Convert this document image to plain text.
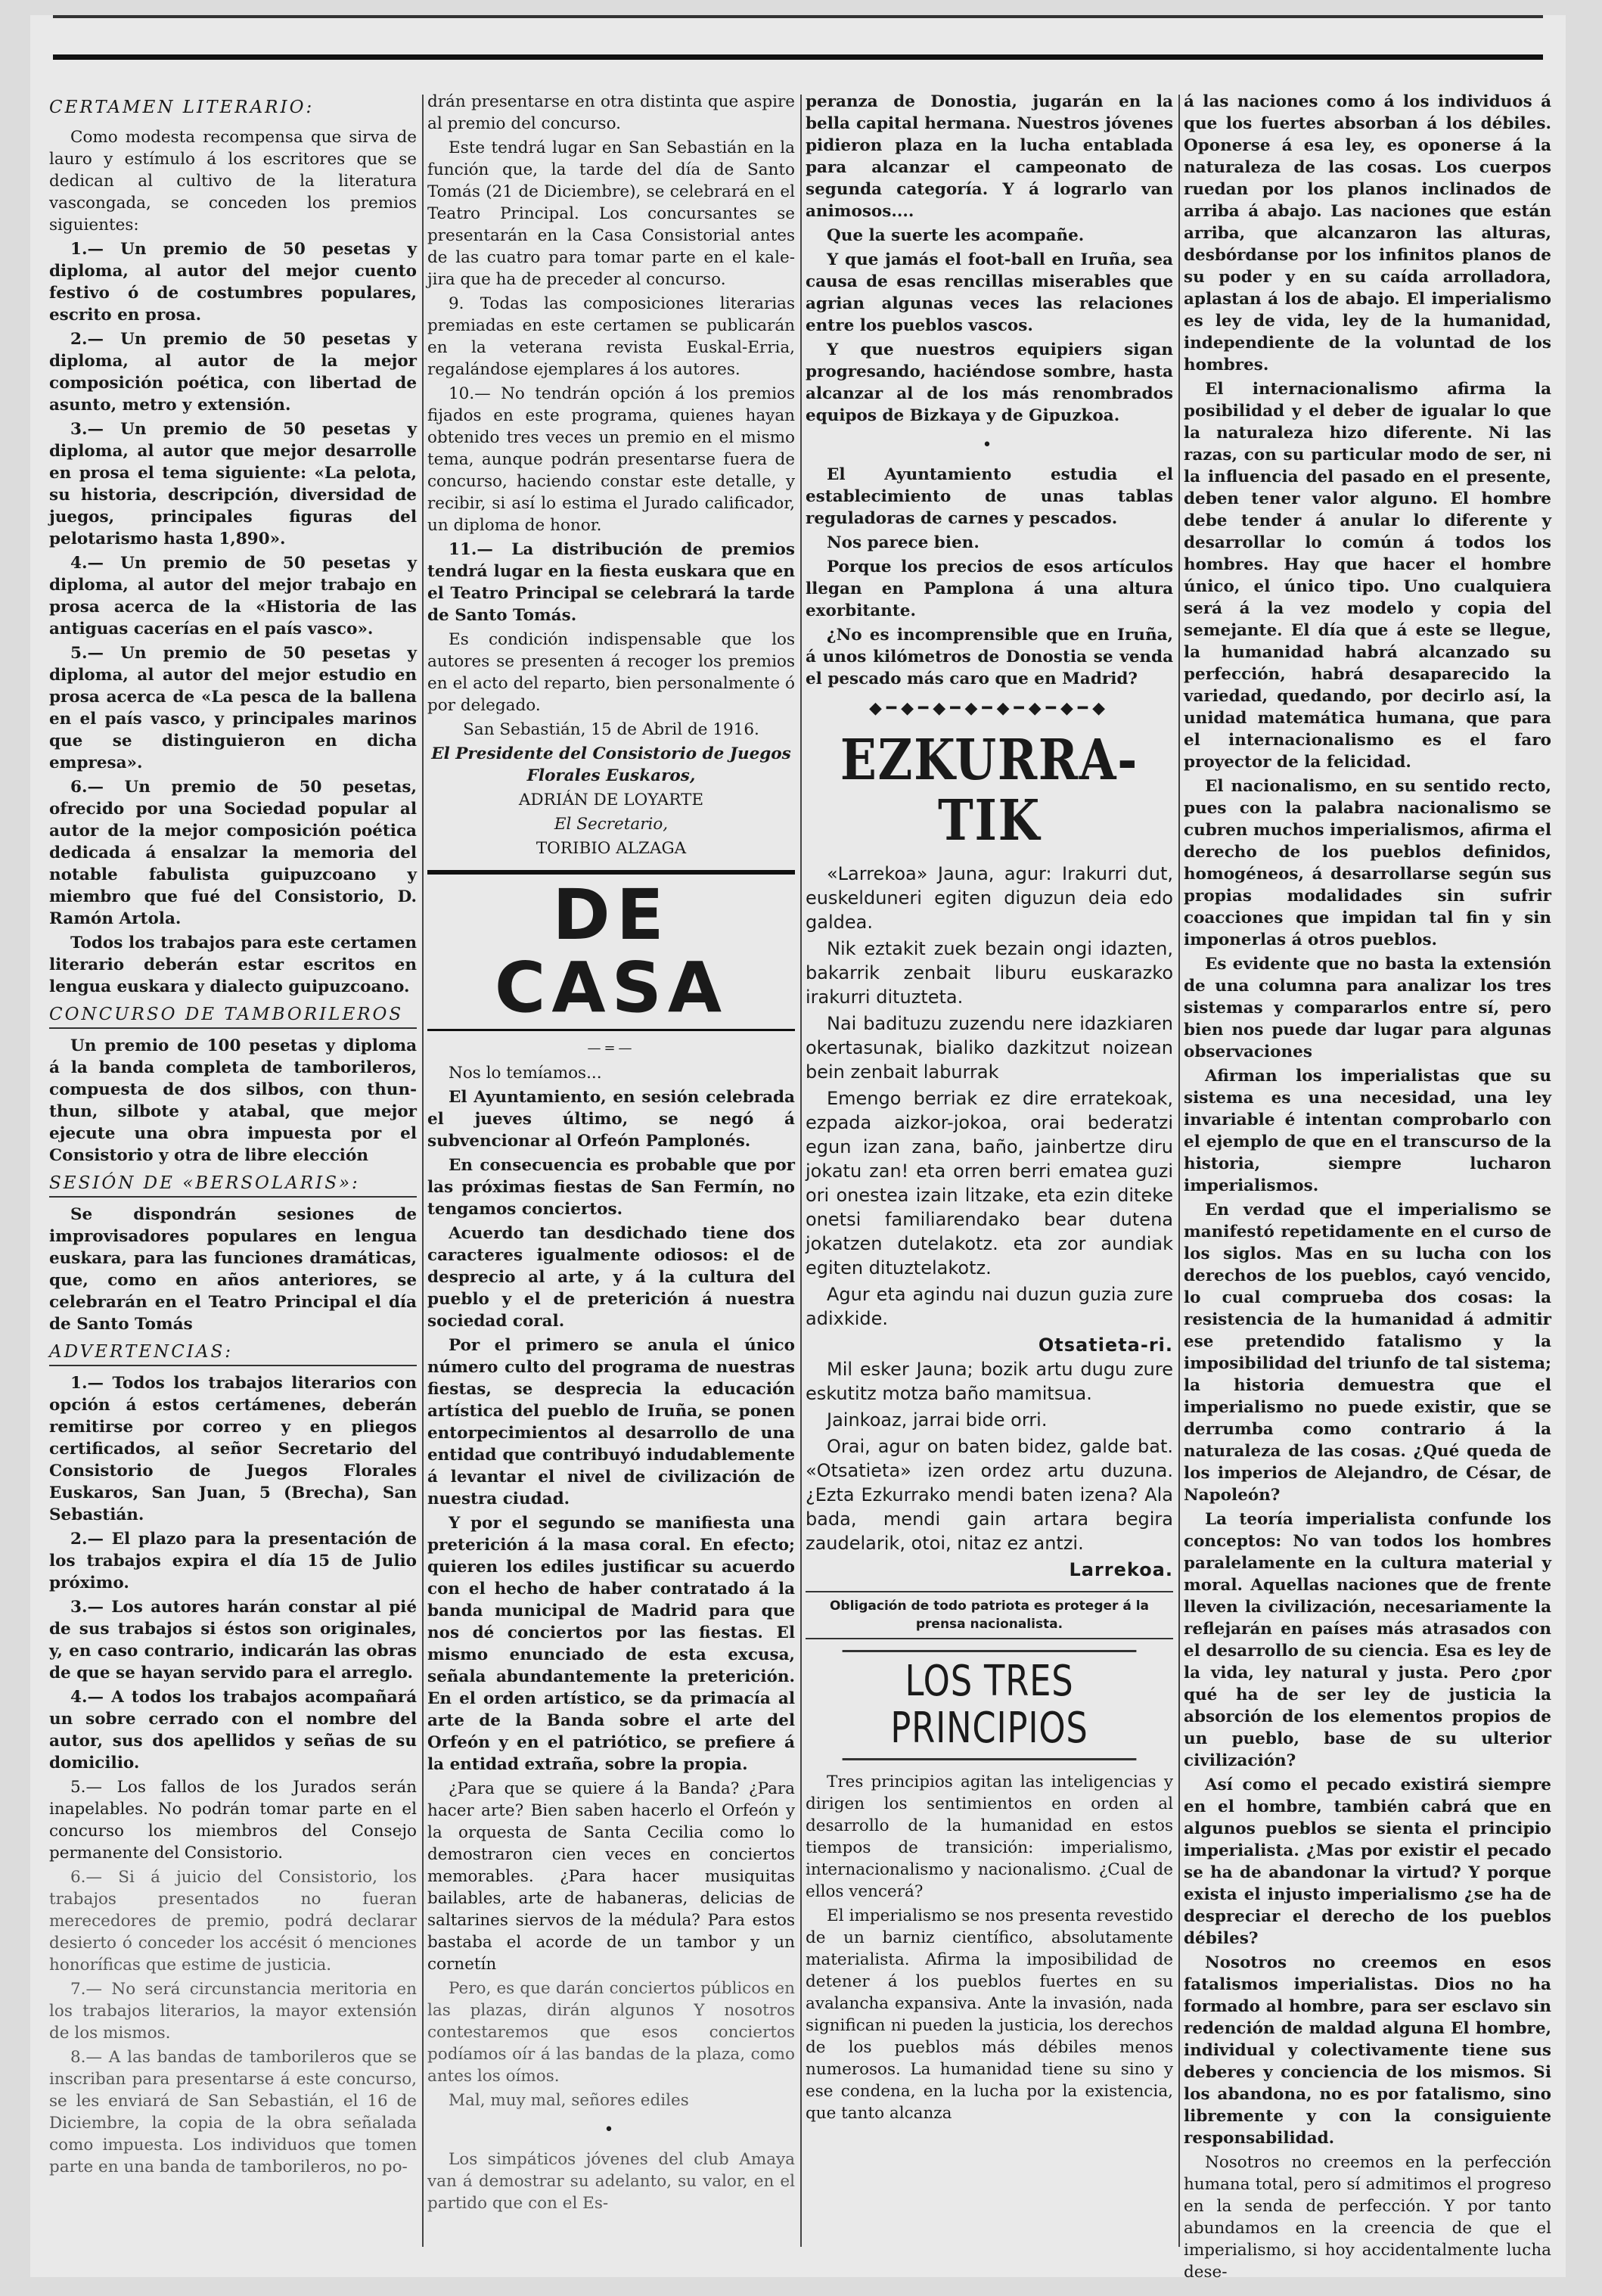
CERTAMEN LITERARIO:

Como modesta recompensa que sirva de lauro y estímulo á los escritores que se dedican al cultivo de la literatura vascongada, se conceden los premios siguientes:

1.— Un premio de 50 pesetas y diploma, al autor del mejor cuento festivo ó de costumbres populares, escrito en prosa.

2.— Un premio de 50 pesetas y diploma, al autor de la mejor composición poética, con libertad de asunto, metro y extensión.

3.— Un premio de 50 pesetas y diploma, al autor que mejor desarrolle en prosa el tema siguiente: «La pelota, su historia, descripción, diversidad de juegos, principales figuras del pelotarismo hasta 1,890».

4.— Un premio de 50 pesetas y diploma, al autor del mejor trabajo en prosa acerca de la «Historia de las antiguas cacerías en el país vasco».

5.— Un premio de 50 pesetas y diploma, al autor del mejor estudio en prosa acerca de «La pesca de la ballena en el país vasco, y principales marinos que se distinguieron en dicha empresa».

6.— Un premio de 50 pesetas, ofrecido por una Sociedad popular al autor de la mejor composición poética dedicada á ensalzar la memoria del notable fabulista guipuzcoano y miembro que fué del Consistorio, D. Ramón Artola.

Todos los trabajos para este certamen literario deberán estar escritos en lengua euskara y dialecto guipuzcoano.

CONCURSO DE TAMBORILEROS

Un premio de 100 pesetas y diploma á la banda completa de tamborileros, compuesta de dos silbos, con thun-thun, silbote y atabal, que mejor ejecute una obra impuesta por el Consistorio y otra de libre elección

SESIÓN DE «BERSOLARIS»:

Se dispondrán sesiones de improvisadores populares en lengua euskara, para las funciones dramáticas, que, como en años anteriores, se celebrarán en el Teatro Principal el día de Santo Tomás

ADVERTENCIAS:

1.— Todos los trabajos literarios con opción á estos certámenes, deberán remitirse por correo y en pliegos certificados, al señor Secretario del Consistorio de Juegos Florales Euskaros, San Juan, 5 (Brecha), San Sebastián.

2.— El plazo para la presentación de los trabajos expira el día 15 de Julio próximo.

3.— Los autores harán constar al pié de sus trabajos si éstos son originales, y, en caso contrario, indicarán las obras de que se hayan servido para el arreglo.

4.— A todos los trabajos acompañará un sobre cerrado con el nombre del autor, sus dos apellidos y señas de su domicilio.

5.— Los fallos de los Jurados serán inapelables. No podrán tomar parte en el concurso los miembros del Consejo permanente del Consistorio.

6.— Si á juicio del Consistorio, los trabajos presentados no fueran merecedores de premio, podrá declarar desierto ó conceder los accésit ó menciones honoríficas que estime de justicia.

7.— No será circunstancia meritoria en los trabajos literarios, la mayor extensión de los mismos.

8.— A las bandas de tamborileros que se inscriban para presentarse á este concurso, se les enviará de San Sebastián, el 16 de Diciembre, la copia de la obra señalada como impuesta. Los individuos que tomen parte en una banda de tamborileros, no po-

drán presentarse en otra distinta que aspire al premio del concurso.

Este tendrá lugar en San Sebastián en la función que, la tarde del día de Santo Tomás (21 de Diciembre), se celebrará en el Teatro Principal. Los concursantes se presentarán en la Casa Consistorial antes de las cuatro para tomar parte en el kale-jira que ha de preceder al concurso.

9. Todas las composiciones literarias premiadas en este certamen se publicarán en la veterana revista Euskal-Erria, regalándose ejemplares á los autores.

10.— No tendrán opción á los premios fijados en este programa, quienes hayan obtenido tres veces un premio en el mismo tema, aunque podrán presentarse fuera de concurso, haciendo constar este detalle, y recibir, si así lo estima el Jurado calificador, un diploma de honor.

11.— La distribución de premios tendrá lugar en la fiesta euskara que en el Teatro Principal se celebrará la tarde de Santo Tomás.

Es condición indispensable que los autores se presenten á recoger los premios en el acto del reparto, bien personalmente ó por delegado.

San Sebastián, 15 de Abril de 1916.

El Presidente del Consistorio de Juegos Florales Euskaros,

ADRIÁN DE LOYARTE

El Secretario,

TORIBIO ALZAGA

DE CASA
—=—

Nos lo temíamos...

El Ayuntamiento, en sesión celebrada el jueves último, se negó á subvencionar al Orfeón Pamplonés.

En consecuencia es probable que por las próximas fiestas de San Fermín, no tengamos conciertos.

Acuerdo tan desdichado tiene dos caracteres igualmente odiosos: el de desprecio al arte, y á la cultura del pueblo y el de preterición á nuestra sociedad coral.

Por el primero se anula el único número culto del programa de nuestras fiestas, se desprecia la educación artística del pueblo de Iruña, se ponen entorpecimientos al desarrollo de una entidad que contribuyó indudablemente á levantar el nivel de civilización de nuestra ciudad.

Y por el segundo se manifiesta una preterición á la masa coral. En efecto; quieren los ediles justificar su acuerdo con el hecho de haber contratado á la banda municipal de Madrid para que nos dé conciertos por las fiestas. El mismo enunciado de esta excusa, señala abundantemente la preterición. En el orden artístico, se da primacía al arte de la Banda sobre el arte del Orfeón y en el patriótico, se prefiere á la entidad extraña, sobre la propia.

¿Para que se quiere á la Banda? ¿Para hacer arte? Bien saben hacerlo el Orfeón y la orquesta de Santa Cecilia como lo demostraron cien veces en conciertos memorables. ¿Para hacer musiquitas bailables, arte de habaneras, delicias de saltarines siervos de la médula? Para estos bastaba el acorde de un tambor y un cornetín

Pero, es que darán conciertos públicos en las plazas, dirán algunos Y nosotros contestaremos que esos conciertos podíamos oír á las bandas de la plaza, como antes los oímos.

Mal, muy mal, señores ediles

•

Los simpáticos jóvenes del club Amaya van á demostrar su adelanto, su valor, en el partido que con el Es-

peranza de Donostia, jugarán en la bella capital hermana. Nuestros jóvenes pidieron plaza en la lucha entablada para alcanzar el campeonato de segunda categoría. Y á lograrlo van animosos....

Que la suerte les acompañe.

Y que jamás el foot-ball en Iruña, sea causa de esas rencillas miserables que agrian algunas veces las relaciones entre los pueblos vascos.

Y que nuestros equipiers sigan progresando, haciéndose sombre, hasta alcanzar al de los más renombrados equipos de Bizkaya y de Gipuzkoa.

•

El Ayuntamiento estudia el establecimiento de unas tablas reguladoras de carnes y pescados.

Nos parece bien.

Porque los precios de esos artículos llegan en Pamplona á una altura exorbitante.

¿No es incomprensible que en Iruña, á unos kilómetros de Donostia se venda el pescado más caro que en Madrid?

◆━◆━◆━◆━◆━◆━◆━◆
EZKURRA-TIK

«Larrekoa» Jauna, agur: Irakurri dut, euskelduneri egiten diguzun deia edo galdea.

Nik eztakit zuek bezain ongi idazten, bakarrik zenbait liburu euskarazko irakurri dituzteta.

Nai badituzu zuzendu nere idazkiaren okertasunak, bialiko dazkitzut noizean bein zenbait laburrak

Emengo berriak ez dire erratekoak, ezpada aizkor-jokoa, orai bederatzi egun izan zana, baño, jainbertze diru jokatu zan! eta orren berri ematea guzi ori onestea izain litzake, eta ezin diteke onetsi familiarendako bear dutena jokatzen dutelakotz. eta zor aundiak egiten dituztelakotz.

Agur eta agindu nai duzun guzia zure adixkide.

Otsatieta-ri.

Mil esker Jauna; bozik artu dugu zure eskutitz motza baño mamitsua.

Jainkoaz, jarrai bide orri.

Orai, agur on baten bidez, galde bat. «Otsatieta» izen ordez artu duzuna. ¿Ezta Ezkurrako mendi baten izena? Ala bada, mendi gain artara begira zaudelarik, otoi, nitaz ez antzi.

Larrekoa.
Obligación de todo patriota es proteger á la prensa nacionalista.
LOS TRES PRINCIPIOS

Tres principios agitan las inteligencias y dirigen los sentimientos en orden al desarrollo de la humanidad en estos tiempos de transición: imperialismo, internacionalismo y nacionalismo. ¿Cual de ellos vencerá?

El imperialismo se nos presenta revestido de un barniz científico, absolutamente materialista. Afirma la imposibilidad de detener á los pueblos fuertes en su avalancha expansiva. Ante la invasión, nada significan ni pueden la justicia, los derechos de los pueblos más débiles menos numerosos. La humanidad tiene su sino y ese condena, en la lucha por la existencia, que tanto alcanza

á las naciones como á los individuos á que los fuertes absorban á los débiles. Oponerse á esa ley, es oponerse á la naturaleza de las cosas. Los cuerpos ruedan por los planos inclinados de arriba á abajo. Las naciones que están arriba, que alcanzaron las alturas, desbórdanse por los infinitos planos de su poder y en su caída arrolladora, aplastan á los de abajo. El imperialismo es ley de vida, ley de la humanidad, independiente de la voluntad de los hombres.

El internacionalismo afirma la posibilidad y el deber de igualar lo que la naturaleza hizo diferente. Ni las razas, con su particular modo de ser, ni la influencia del pasado en el presente, deben tener valor alguno. El hombre debe tender á anular lo diferente y desarrollar lo común á todos los hombres. Hay que hacer el hombre único, el único tipo. Uno cualquiera será á la vez modelo y copia del semejante. El día que á este se llegue, la humanidad habrá alcanzado su perfección, habrá desaparecido la variedad, quedando, por decirlo así, la unidad matemática humana, que para el internacionalismo es el faro proyector de la felicidad.

El nacionalismo, en su sentido recto, pues con la palabra nacionalismo se cubren muchos imperialismos, afirma el derecho de los pueblos definidos, homogéneos, á desarrollarse según sus propias modalidades sin sufrir coacciones que impidan tal fin y sin imponerlas á otros pueblos.

Es evidente que no basta la extensión de una columna para analizar los tres sistemas y compararlos entre sí, pero bien nos puede dar lugar para algunas observaciones

Afirman los imperialistas que su sistema es una necesidad, una ley invariable é intentan comprobarlo con el ejemplo de que en el transcurso de la historia, siempre lucharon imperialismos.

En verdad que el imperialismo se manifestó repetidamente en el curso de los siglos. Mas en su lucha con los derechos de los pueblos, cayó vencido, lo cual comprueba dos cosas: la resistencia de la humanidad á admitir ese pretendido fatalismo y la imposibilidad del triunfo de tal sistema; la historia demuestra que el imperialismo no puede existir, que se derrumba como contrario á la naturaleza de las cosas. ¿Qué queda de los imperios de Alejandro, de César, de Napoleón?

La teoría imperialista confunde los conceptos: No van todos los hombres paralelamente en la cultura material y moral. Aquellas naciones que de frente lleven la civilización, necesariamente la reflejarán en países más atrasados con el desarrollo de su ciencia. Esa es ley de la vida, ley natural y justa. Pero ¿por qué ha de ser ley de justicia la absorción de los elementos propios de un pueblo, base de su ulterior civilización?

Así como el pecado existirá siempre en el hombre, también cabrá que en algunos pueblos se sienta el principio imperialista. ¿Mas por existir el pecado se ha de abandonar la virtud? Y porque exista el injusto imperialismo ¿se ha de despreciar el derecho de los pueblos débiles?

Nosotros no creemos en esos fatalismos imperialistas. Dios no ha formado al hombre, para ser esclavo sin redención de maldad alguna El hombre, individual y colectivamente tiene sus deberes y conciencia de los mismos. Si los abandona, no es por fatalismo, sino libremente y con la consiguiente responsabilidad.

Nosotros no creemos en la perfección humana total, pero sí admitimos el progreso en la senda de perfección. Y por tanto abundamos en la creencia de que el imperialismo, si hoy accidentalmente lucha dese-
